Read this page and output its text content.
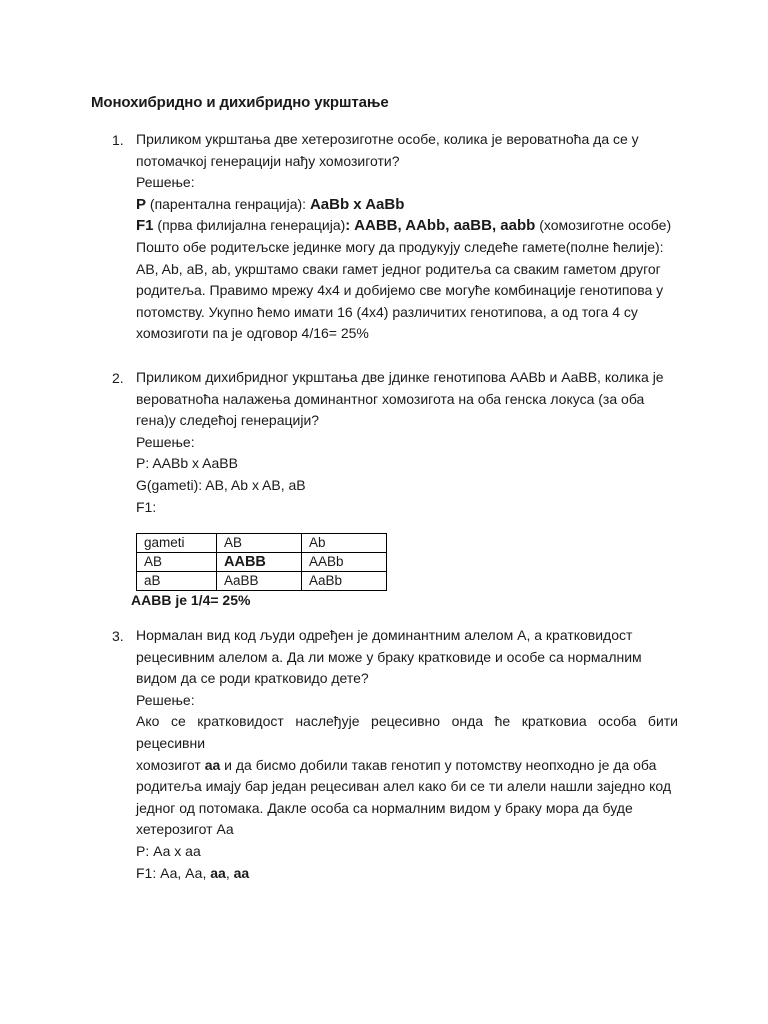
Монохибридно и дихибридно укрштање
1. Приликом укрштања две хетерозиготне особе, колика је вероватноћа да се у
потомачкој генерацији нађу хомозиготи?
Решење:
P (парентална генрација): AaBb x AaBb
F1 (прва филијална генерација): AABB, AAbb, aaBB, aabb (хомозиготне особе)
Пошто обе родитељске јединке могу да продукују следеће гамете(полне ћелије):
AB, Ab, aB, ab, укрштамо сваки гамет једног родитеља са сваким гаметом другог
родитеља. Правимо мрежу 4x4 и добијемо све могуће комбинације генотипова у
потомству. Укупно ћемо имати 16 (4x4) различитих генотипова, а од тога 4 су
хомозиготи па је одговор 4/16= 25%
2. Приликом дихибридног укрштања две јдинке генотипова AABb и AaBB, колика је
вероватноћа налажења доминантног хомозигота на оба генска локуса (за оба
гена)у следећој генерацији?
Решење:
P: AABb x AaBB
G(gameti): AB, Ab x AB, aB
F1:
gameti	AB	Ab
AB	AABB	AABb
aB	AaBB	AaBb
AABB je 1/4= 25%
3. Нормалан вид код људи одређен је доминантним алелом А, а кратковидост
рецесивним алелом а. Да ли може у браку кратковиде и особе са нормалним
видом да се роди кратковидо дете?
Решење:
Ако се кратковидост наслеђује рецесивно онда ће кратковиа особа бити рецесивни
хомозигот аа и да бисмо добили такав генотип у потомству неопходно је да оба
родитеља имају бар један рецесиван алел како би се ти алели нашли заједно код
једног од потомака. Дакле особа са нормалним видом у браку мора да буде
хетерозигот Аа
P: Аа x аа
F1: Аа, Аа, аа, аа
